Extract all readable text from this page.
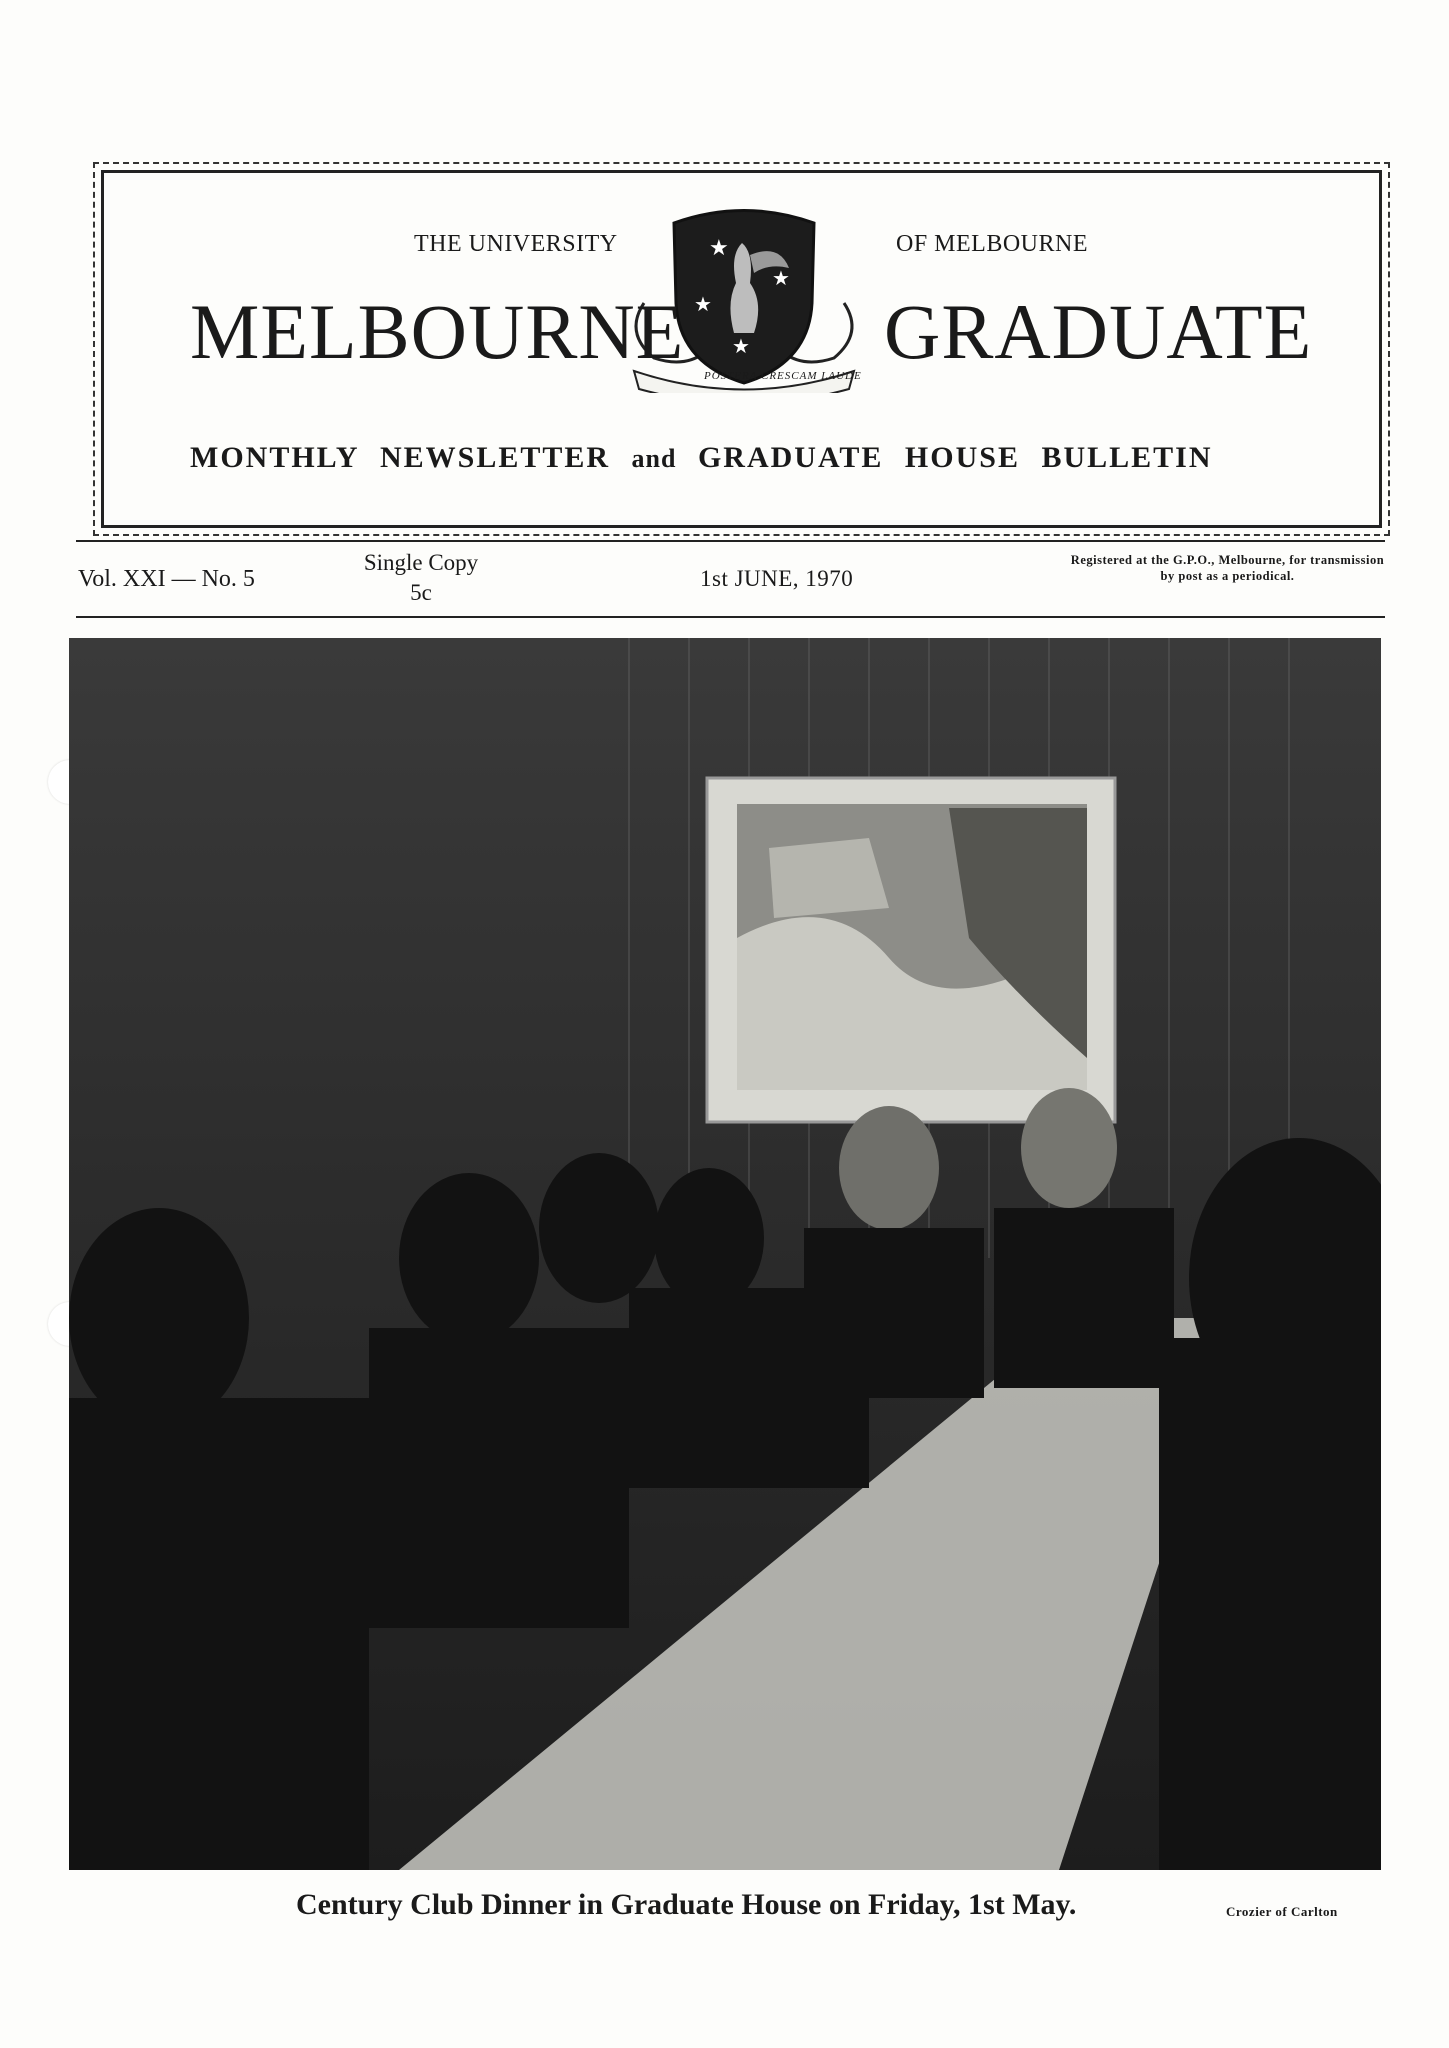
THE UNIVERSITY	OF MELBOURNE
★
★
★
★
POSTERA CRESCAM LAUDE
MELBOURNE	GRADUATE
MONTHLY NEWSLETTER and GRADUATE HOUSE BULLETIN
Vol. XXI — No. 5
Single Copy
5c
1st JUNE, 1970
Registered at the G.P.O., Melbourne, for transmission by post as a periodical.
Century Club Dinner in Graduate House on Friday, 1st May.	Crozier of Carlton
